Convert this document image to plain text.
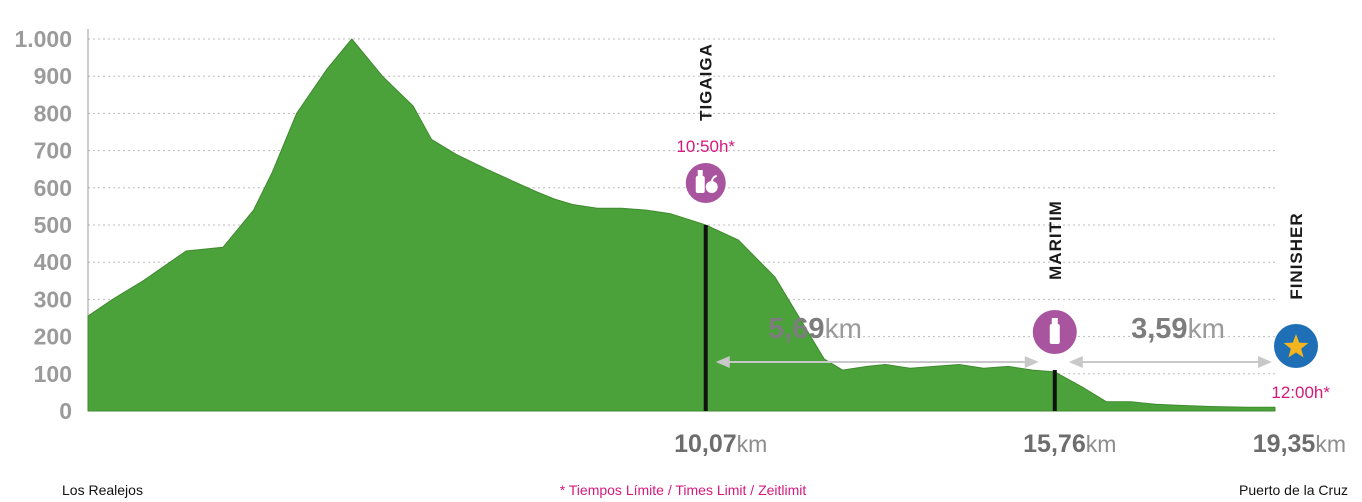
1.000
900
800
700
600
500
400
300
200
100
0
TIGAIGA
10:50h*
MARITIM	FINISHER
12:00h*
5,69km	3,59km
10,07km	15,76km	19,35km
Los Realejos	* Tiempos Límite / Times Limit / Zeitlimit	Puerto de la Cruz
